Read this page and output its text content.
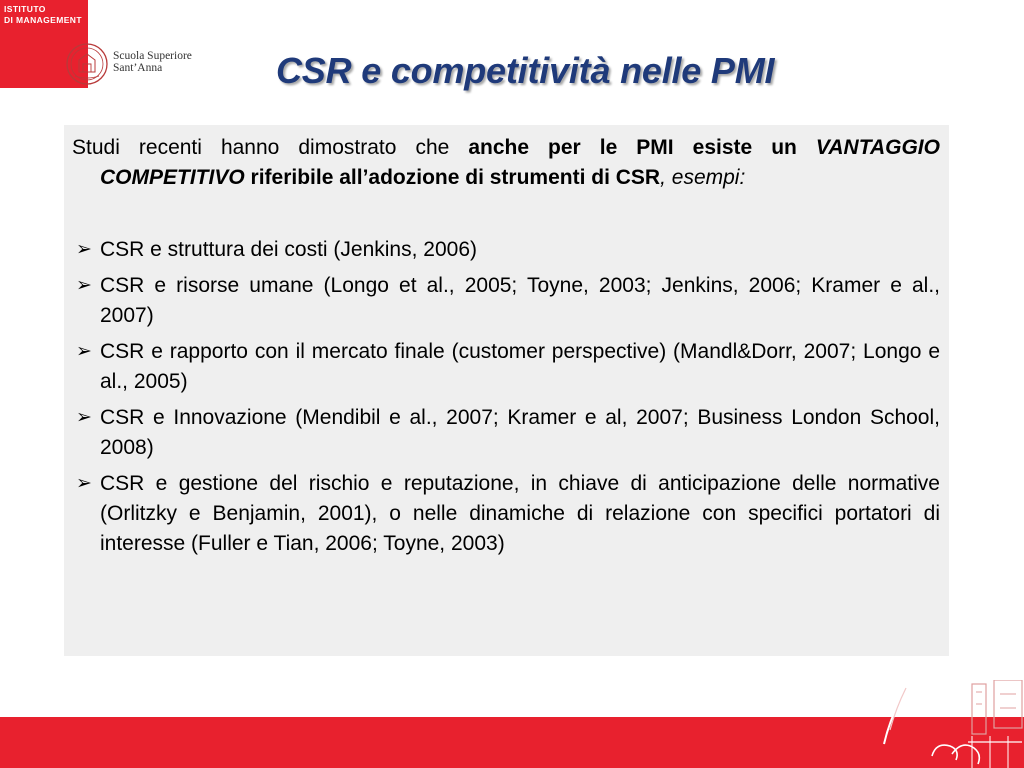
ISTITUTO
DI MANAGEMENT
Scuola Superiore
Sant’Anna	CSR e competitività nelle PMI

Studi recenti hanno dimostrato che anche per le PMI esiste un VANTAGGIO COMPETITIVO riferibile all’adozione di strumenti di CSR, esempi:

➢ CSR e struttura dei costi (Jenkins, 2006)
➢ CSR e risorse umane (Longo et al., 2005; Toyne, 2003; Jenkins, 2006; Kramer e al., 2007)
➢ CSR e rapporto con il mercato finale (customer perspective) (Mandl&Dorr, 2007; Longo e al., 2005)
➢ CSR e Innovazione (Mendibil e al., 2007; Kramer e al, 2007; Business London School, 2008)
➢ CSR e gestione del rischio e reputazione, in chiave di anticipazione delle normative (Orlitzky e Benjamin, 2001), o nelle dinamiche di relazione con specifici portatori di interesse (Fuller e Tian, 2006; Toyne, 2003)
